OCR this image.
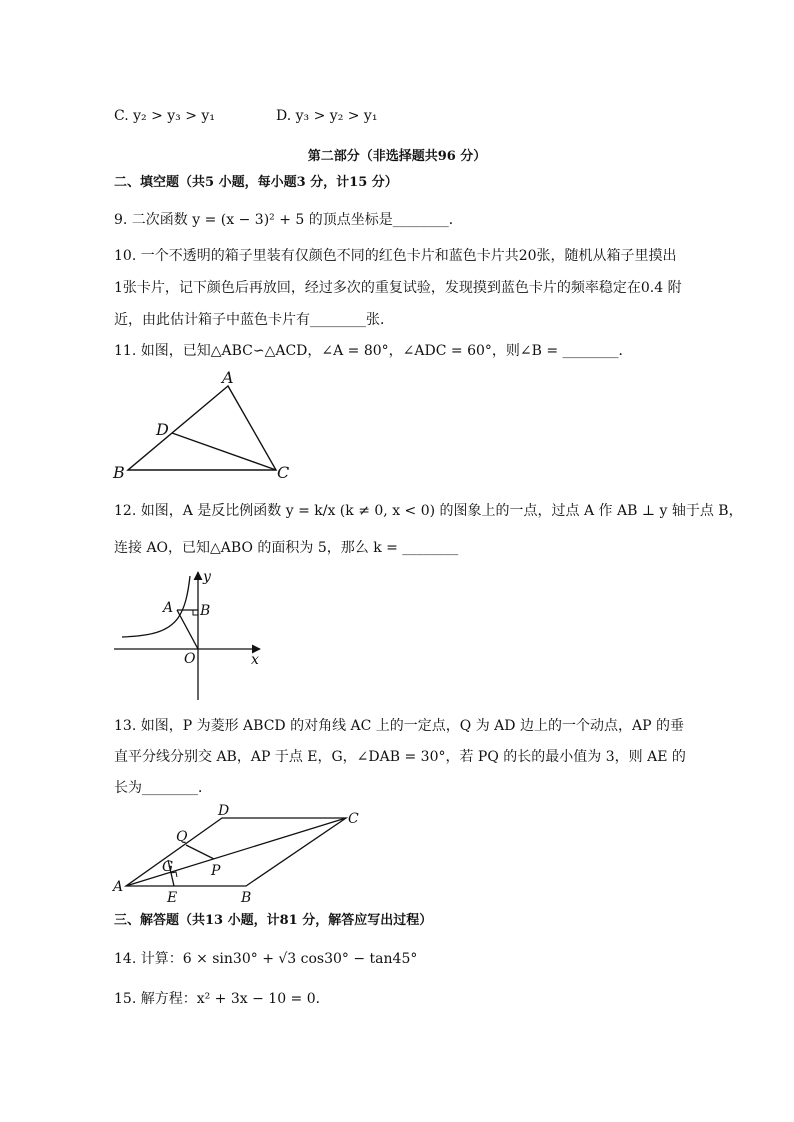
C. y₂ > y₃ > y₁	D. y₃ > y₂ > y₁
第二部分（非选择题共96 分）
二、填空题（共5 小题，每小题3 分，计15 分）
9. 二次函数 y = (x − 3)² + 5 的顶点坐标是________．
10. 一个不透明的箱子里装有仅颜色不同的红色卡片和蓝色卡片共20张，随机从箱子里摸出
1张卡片，记下颜色后再放回，经过多次的重复试验，发现摸到蓝色卡片的频率稳定在0.4 附
近，由此估计箱子中蓝色卡片有________张．
11. 如图，已知△ABC∽△ACD，∠A = 80°，∠ADC = 60°，则∠B = ________．
A
D
B	C
12. 如图，A 是反比例函数 y = k/x (k ≠ 0, x < 0) 的图象上的一点，过点 A 作 AB ⊥ y 轴于点 B，
连接 AO，已知△ABO 的面积为 5，那么 k = ________
y
x
A B
O
13. 如图，P 为菱形 ABCD 的对角线 AC 上的一定点，Q 为 AD 边上的一个动点，AP 的垂
直平分线分别交 AB，AP 于点 E，G，∠DAB = 30°，若 PQ 的长的最小值为 3，则 AE 的
长为________．
A
B
C
D
Q
P
G
E
三、解答题（共13 小题，计81 分，解答应写出过程）
14. 计算：6 × sin30° + √3 cos30° − tan45°
15. 解方程：x² + 3x − 10 = 0．
